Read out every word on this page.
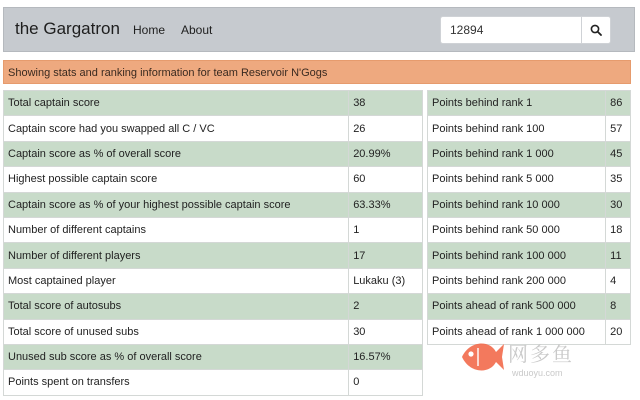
the Gargatron Home About
12894
Showing stats and ranking information for team Reservoir N'Gogs
Total captain score	38
Captain score had you swapped all C / VC	26
Captain score as % of overall score	20.99%
Highest possible captain score	60
Captain score as % of your highest possible captain score	63.33%
Number of different captains	1
Number of different players	17
Most captained player	Lukaku (3)
Total score of autosubs	2
Total score of unused subs	30
Unused sub score as % of overall score	16.57%
Points spent on transfers	0
Points behind rank 1	86
Points behind rank 100	57
Points behind rank 1 000	45
Points behind rank 5 000	35
Points behind rank 10 000	30
Points behind rank 50 000	18
Points behind rank 100 000	11
Points behind rank 200 000	4
Points ahead of rank 500 000	8
Points ahead of rank 1 000 000	20
网多鱼
wduoyu.com
